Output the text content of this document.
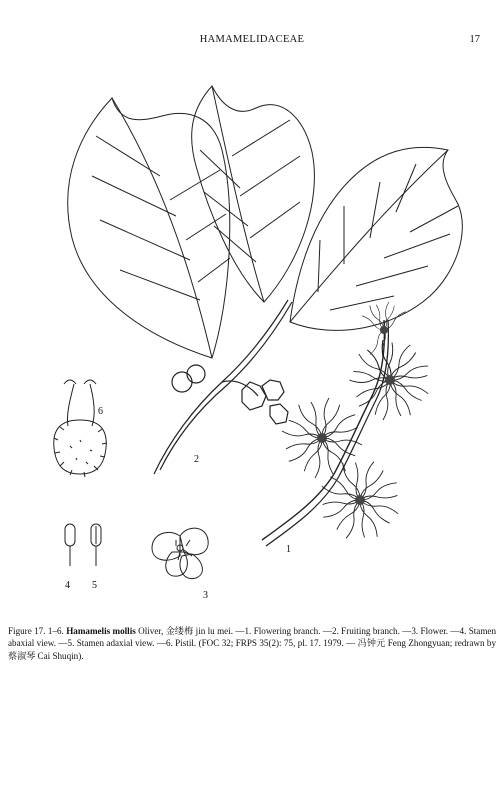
HAMAMELIDACEAE	17
1
2
3
4 5
6
Figure 17. 1–6. Hamamelis mollis Oliver, 金缕梅 jin lu mei. —1. Flowering branch. —2. Fruiting branch. —3. Flower. —4. Stamen abaxial view. —5. Stamen adaxial view. —6. Pistil. (FOC 32; FRPS 35(2): 75, pl. 17. 1979. — 冯钟元 Feng Zhongyuan; redrawn by 蔡淑琴 Cai Shuqin).
